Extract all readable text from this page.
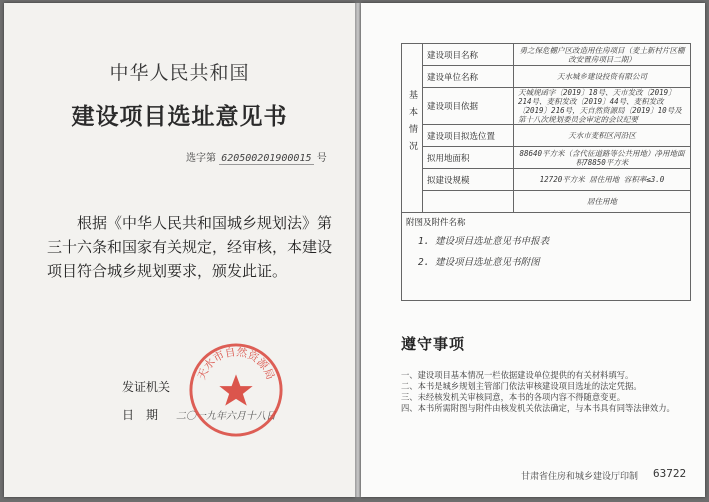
中华人民共和国
建设项目选址意见书
选字第 620500201900015 号

根据《中华人民共和国城乡规划法》第三十六条和国家有关规定，经审核，本建设项目符合城乡规划要求，颁发此证。

发证机关
日　期 二〇一九年六月十八日
天水市自然资源局
基本情况	建设项目名称	勇之保危棚户区改造用住房项目（麦土新村片区棚改安置房项目二期）
	建设单位名称	天水城乡建设投资有限公司
	建设项目依据	天城规函字〔2019〕18号、天市发改〔2019〕214号、麦积发改〔2019〕44号、麦积发改〔2019〕216号，天自然资源局〔2019〕10号及第十八次规划委员会审定的会议纪要
	建设项目拟选位置	天水市麦积区河沿区
	拟用地面积	88640平方米（含代征道路等公共用地）净用地面积78850平方米
	拟建设规模	12720平方米 居住用地 容积率≤3.0
		居住用地
附图及附件名称
1. 建设项目选址意见书申报表
2. 建设项目选址意见书附图
遵守事项
一、建设项目基本情况一栏依据建设单位提供的有关材料填写。
二、本书是城乡规划主管部门依法审核建设项目选址的法定凭据。
三、未经核发机关审核同意，本书的各项内容不得随意变更。
四、本书所需附图与附件由核发机关依法确定，与本书具有同等法律效力。
甘肃省住房和城乡建设厅印制 63722
